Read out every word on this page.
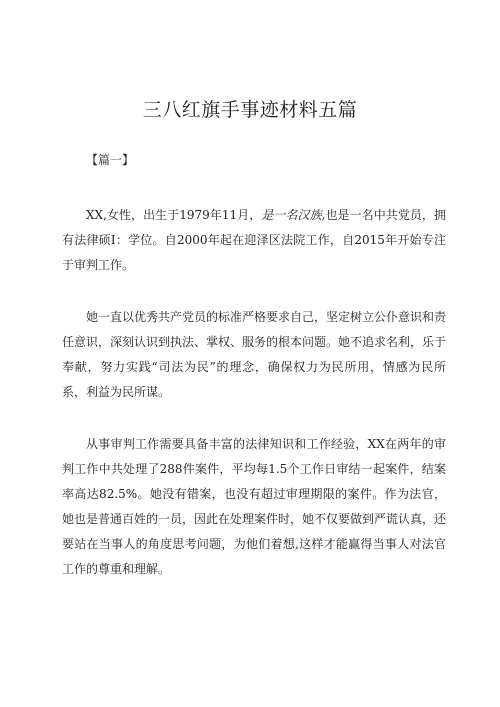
三八红旗手事迹材料五篇
【篇一】

XX,女性，出生于1979年11月，是一名汉族,也是一名中共党员，拥有法律硕I：学位。自2000年起在迎泽区法院工作，自2015年开始专注于审判工作。

她一直以优秀共产党员的标准严格要求自己，坚定树立公仆意识和责任意识，深刻认识到执法、掌权、服务的根本问题。她不追求名利，乐于奉献，努力实践“司法为民”的理念，确保权力为民所用，情感为民所系，利益为民所谋。

从事审判工作需要具备丰富的法律知识和工作经验，XX在两年的审判工作中共处理了288件案件，平均每1.5个工作日审结一起案件，结案率高达82.5%。她没有错案，也没有超过审理期限的案件。作为法官，她也是普通百姓的一员，因此在处理案件时，她不仅要做到严谎认真，还要站在当事人的角度思考问题，为他们着想,这样才能赢得当事人对法官工作的尊重和理解。
